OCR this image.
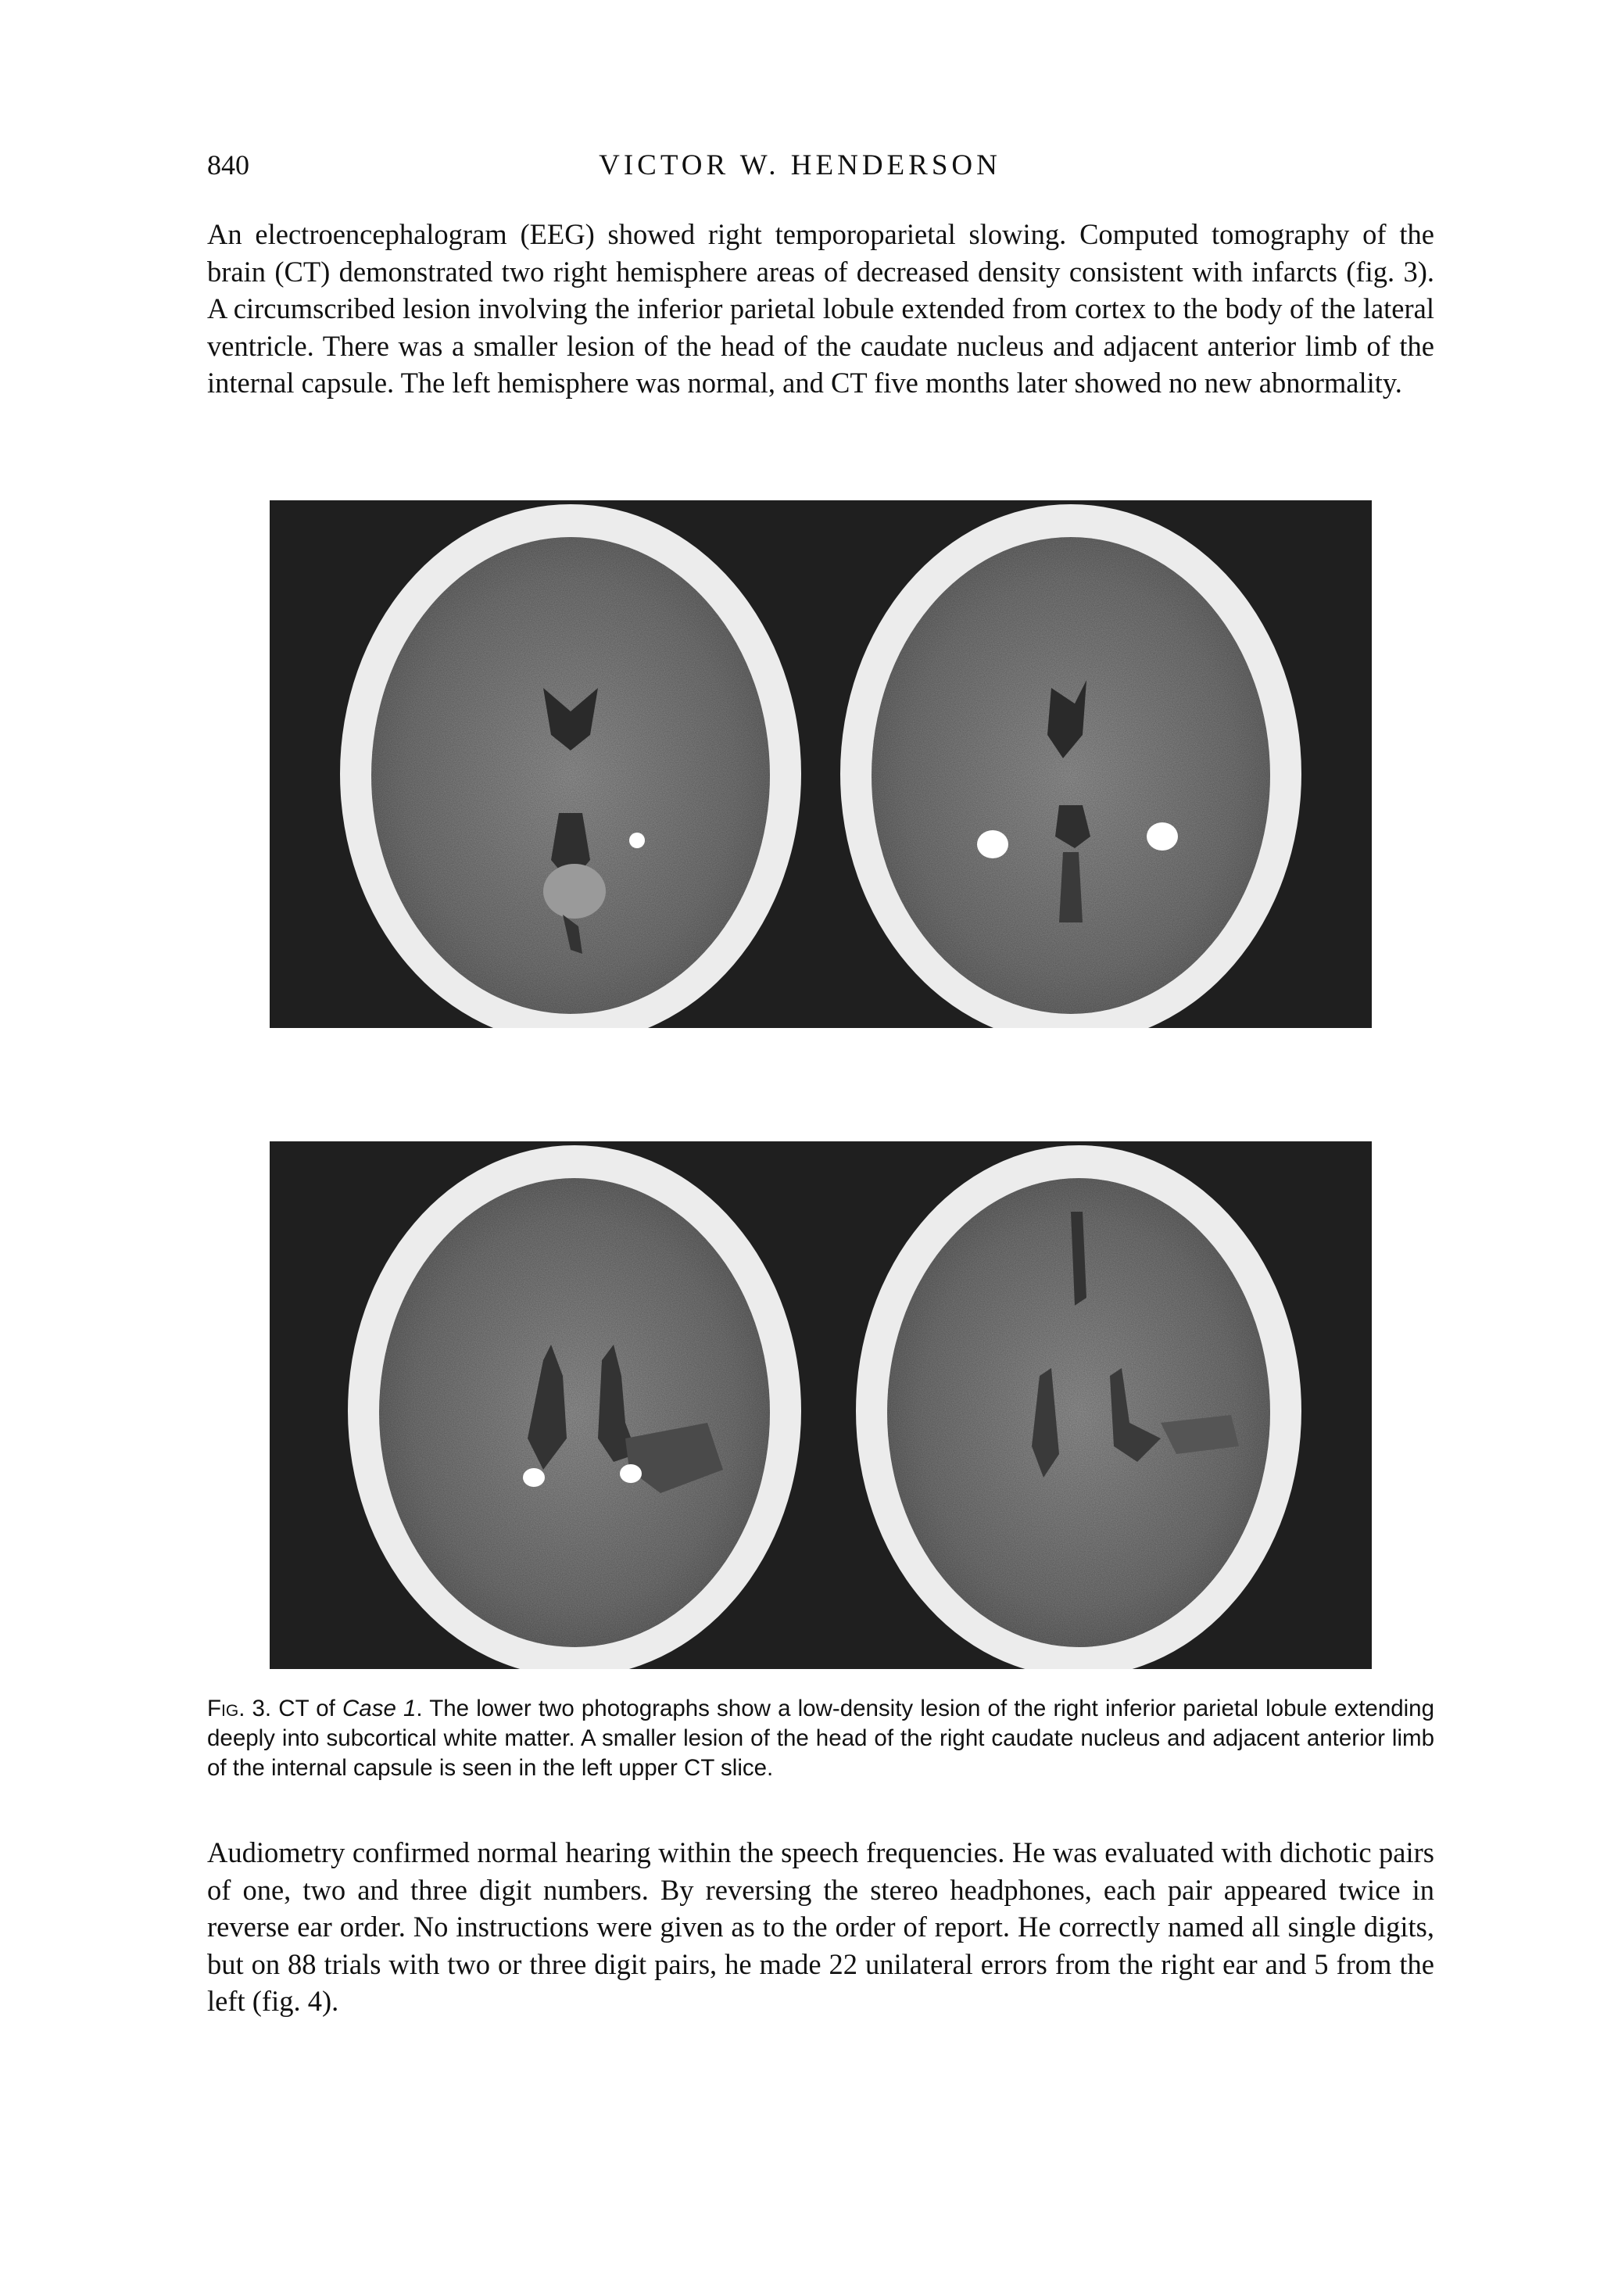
840	VICTOR W. HENDERSON

An electroencephalogram (EEG) showed right temporoparietal slowing. Computed tomography of the brain (CT) demonstrated two right hemisphere areas of decreased density consistent with infarcts (fig. 3). A circumscribed lesion involving the inferior parietal lobule extended from cortex to the body of the lateral ventricle. There was a smaller lesion of the head of the caudate nucleus and adjacent anterior limb of the internal capsule. The left hemisphere was normal, and CT five months later showed no new abnormality.

Fig. 3. CT of Case 1. The lower two photographs show a low-density lesion of the right inferior parietal lobule extending deeply into subcortical white matter. A smaller lesion of the head of the right caudate nucleus and adjacent anterior limb of the internal capsule is seen in the left upper CT slice.

Audiometry confirmed normal hearing within the speech frequencies. He was evaluated with dichotic pairs of one, two and three digit numbers. By reversing the stereo headphones, each pair appeared twice in reverse ear order. No instructions were given as to the order of report. He correctly named all single digits, but on 88 trials with two or three digit pairs, he made 22 unilateral errors from the right ear and 5 from the left (fig. 4).
